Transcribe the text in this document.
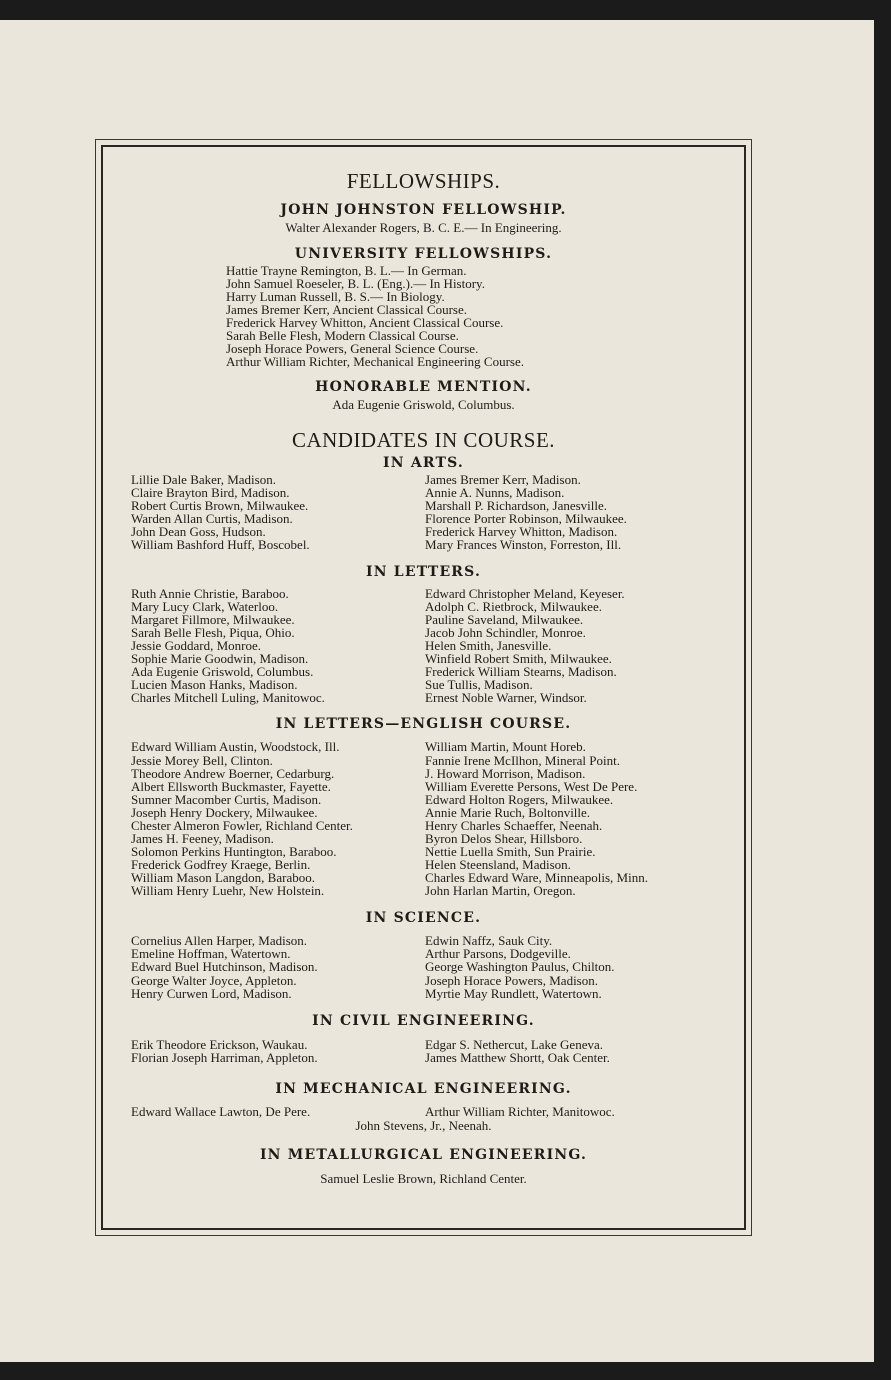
FELLOWSHIPS.
JOHN JOHNSTON FELLOWSHIP.

Walter Alexander Rogers, B. C. E.— In Engineering.

UNIVERSITY FELLOWSHIPS.
Hattie Trayne Remington, B. L.— In German.
John Samuel Roeseler, B. L. (Eng.).— In History.
Harry Luman Russell, B. S.— In Biology.
James Bremer Kerr, Ancient Classical Course.
Frederick Harvey Whitton, Ancient Classical Course.
Sarah Belle Flesh, Modern Classical Course.
Joseph Horace Powers, General Science Course.
Arthur William Richter, Mechanical Engineering Course.
HONORABLE MENTION.

Ada Eugenie Griswold, Columbus.

CANDIDATES IN COURSE.
IN ARTS.
Lillie Dale Baker, Madison.
Claire Brayton Bird, Madison.
Robert Curtis Brown, Milwaukee.
Warden Allan Curtis, Madison.
John Dean Goss, Hudson.
William Bashford Huff, Boscobel.
James Bremer Kerr, Madison.
Annie A. Nunns, Madison.
Marshall P. Richardson, Janesville.
Florence Porter Robinson, Milwaukee.
Frederick Harvey Whitton, Madison.
Mary Frances Winston, Forreston, Ill.
IN LETTERS.
Ruth Annie Christie, Baraboo.
Mary Lucy Clark, Waterloo.
Margaret Fillmore, Milwaukee.
Sarah Belle Flesh, Piqua, Ohio.
Jessie Goddard, Monroe.
Sophie Marie Goodwin, Madison.
Ada Eugenie Griswold, Columbus.
Lucien Mason Hanks, Madison.
Charles Mitchell Luling, Manitowoc.
Edward Christopher Meland, Keyeser.
Adolph C. Rietbrock, Milwaukee.
Pauline Saveland, Milwaukee.
Jacob John Schindler, Monroe.
Helen Smith, Janesville.
Winfield Robert Smith, Milwaukee.
Frederick William Stearns, Madison.
Sue Tullis, Madison.
Ernest Noble Warner, Windsor.
IN LETTERS—ENGLISH COURSE.
Edward William Austin, Woodstock, Ill.
Jessie Morey Bell, Clinton.
Theodore Andrew Boerner, Cedarburg.
Albert Ellsworth Buckmaster, Fayette.
Sumner Macomber Curtis, Madison.
Joseph Henry Dockery, Milwaukee.
Chester Almeron Fowler, Richland Center.
James H. Feeney, Madison.
Solomon Perkins Huntington, Baraboo.
Frederick Godfrey Kraege, Berlin.
William Mason Langdon, Baraboo.
William Henry Luehr, New Holstein.
William Martin, Mount Horeb.
Fannie Irene McIlhon, Mineral Point.
J. Howard Morrison, Madison.
William Everette Persons, West De Pere.
Edward Holton Rogers, Milwaukee.
Annie Marie Ruch, Boltonville.
Henry Charles Schaeffer, Neenah.
Byron Delos Shear, Hillsboro.
Nettie Luella Smith, Sun Prairie.
Helen Steensland, Madison.
Charles Edward Ware, Minneapolis, Minn.
John Harlan Martin, Oregon.
IN SCIENCE.
Cornelius Allen Harper, Madison.
Emeline Hoffman, Watertown.
Edward Buel Hutchinson, Madison.
George Walter Joyce, Appleton.
Henry Curwen Lord, Madison.
Edwin Naffz, Sauk City.
Arthur Parsons, Dodgeville.
George Washington Paulus, Chilton.
Joseph Horace Powers, Madison.
Myrtie May Rundlett, Watertown.
IN CIVIL ENGINEERING.
Erik Theodore Erickson, Waukau.
Florian Joseph Harriman, Appleton.
Edgar S. Nethercut, Lake Geneva.
James Matthew Shortt, Oak Center.
IN MECHANICAL ENGINEERING.
Edward Wallace Lawton, De Pere.	Arthur William Richter, Manitowoc.

John Stevens, Jr., Neenah.

IN METALLURGICAL ENGINEERING.

Samuel Leslie Brown, Richland Center.
